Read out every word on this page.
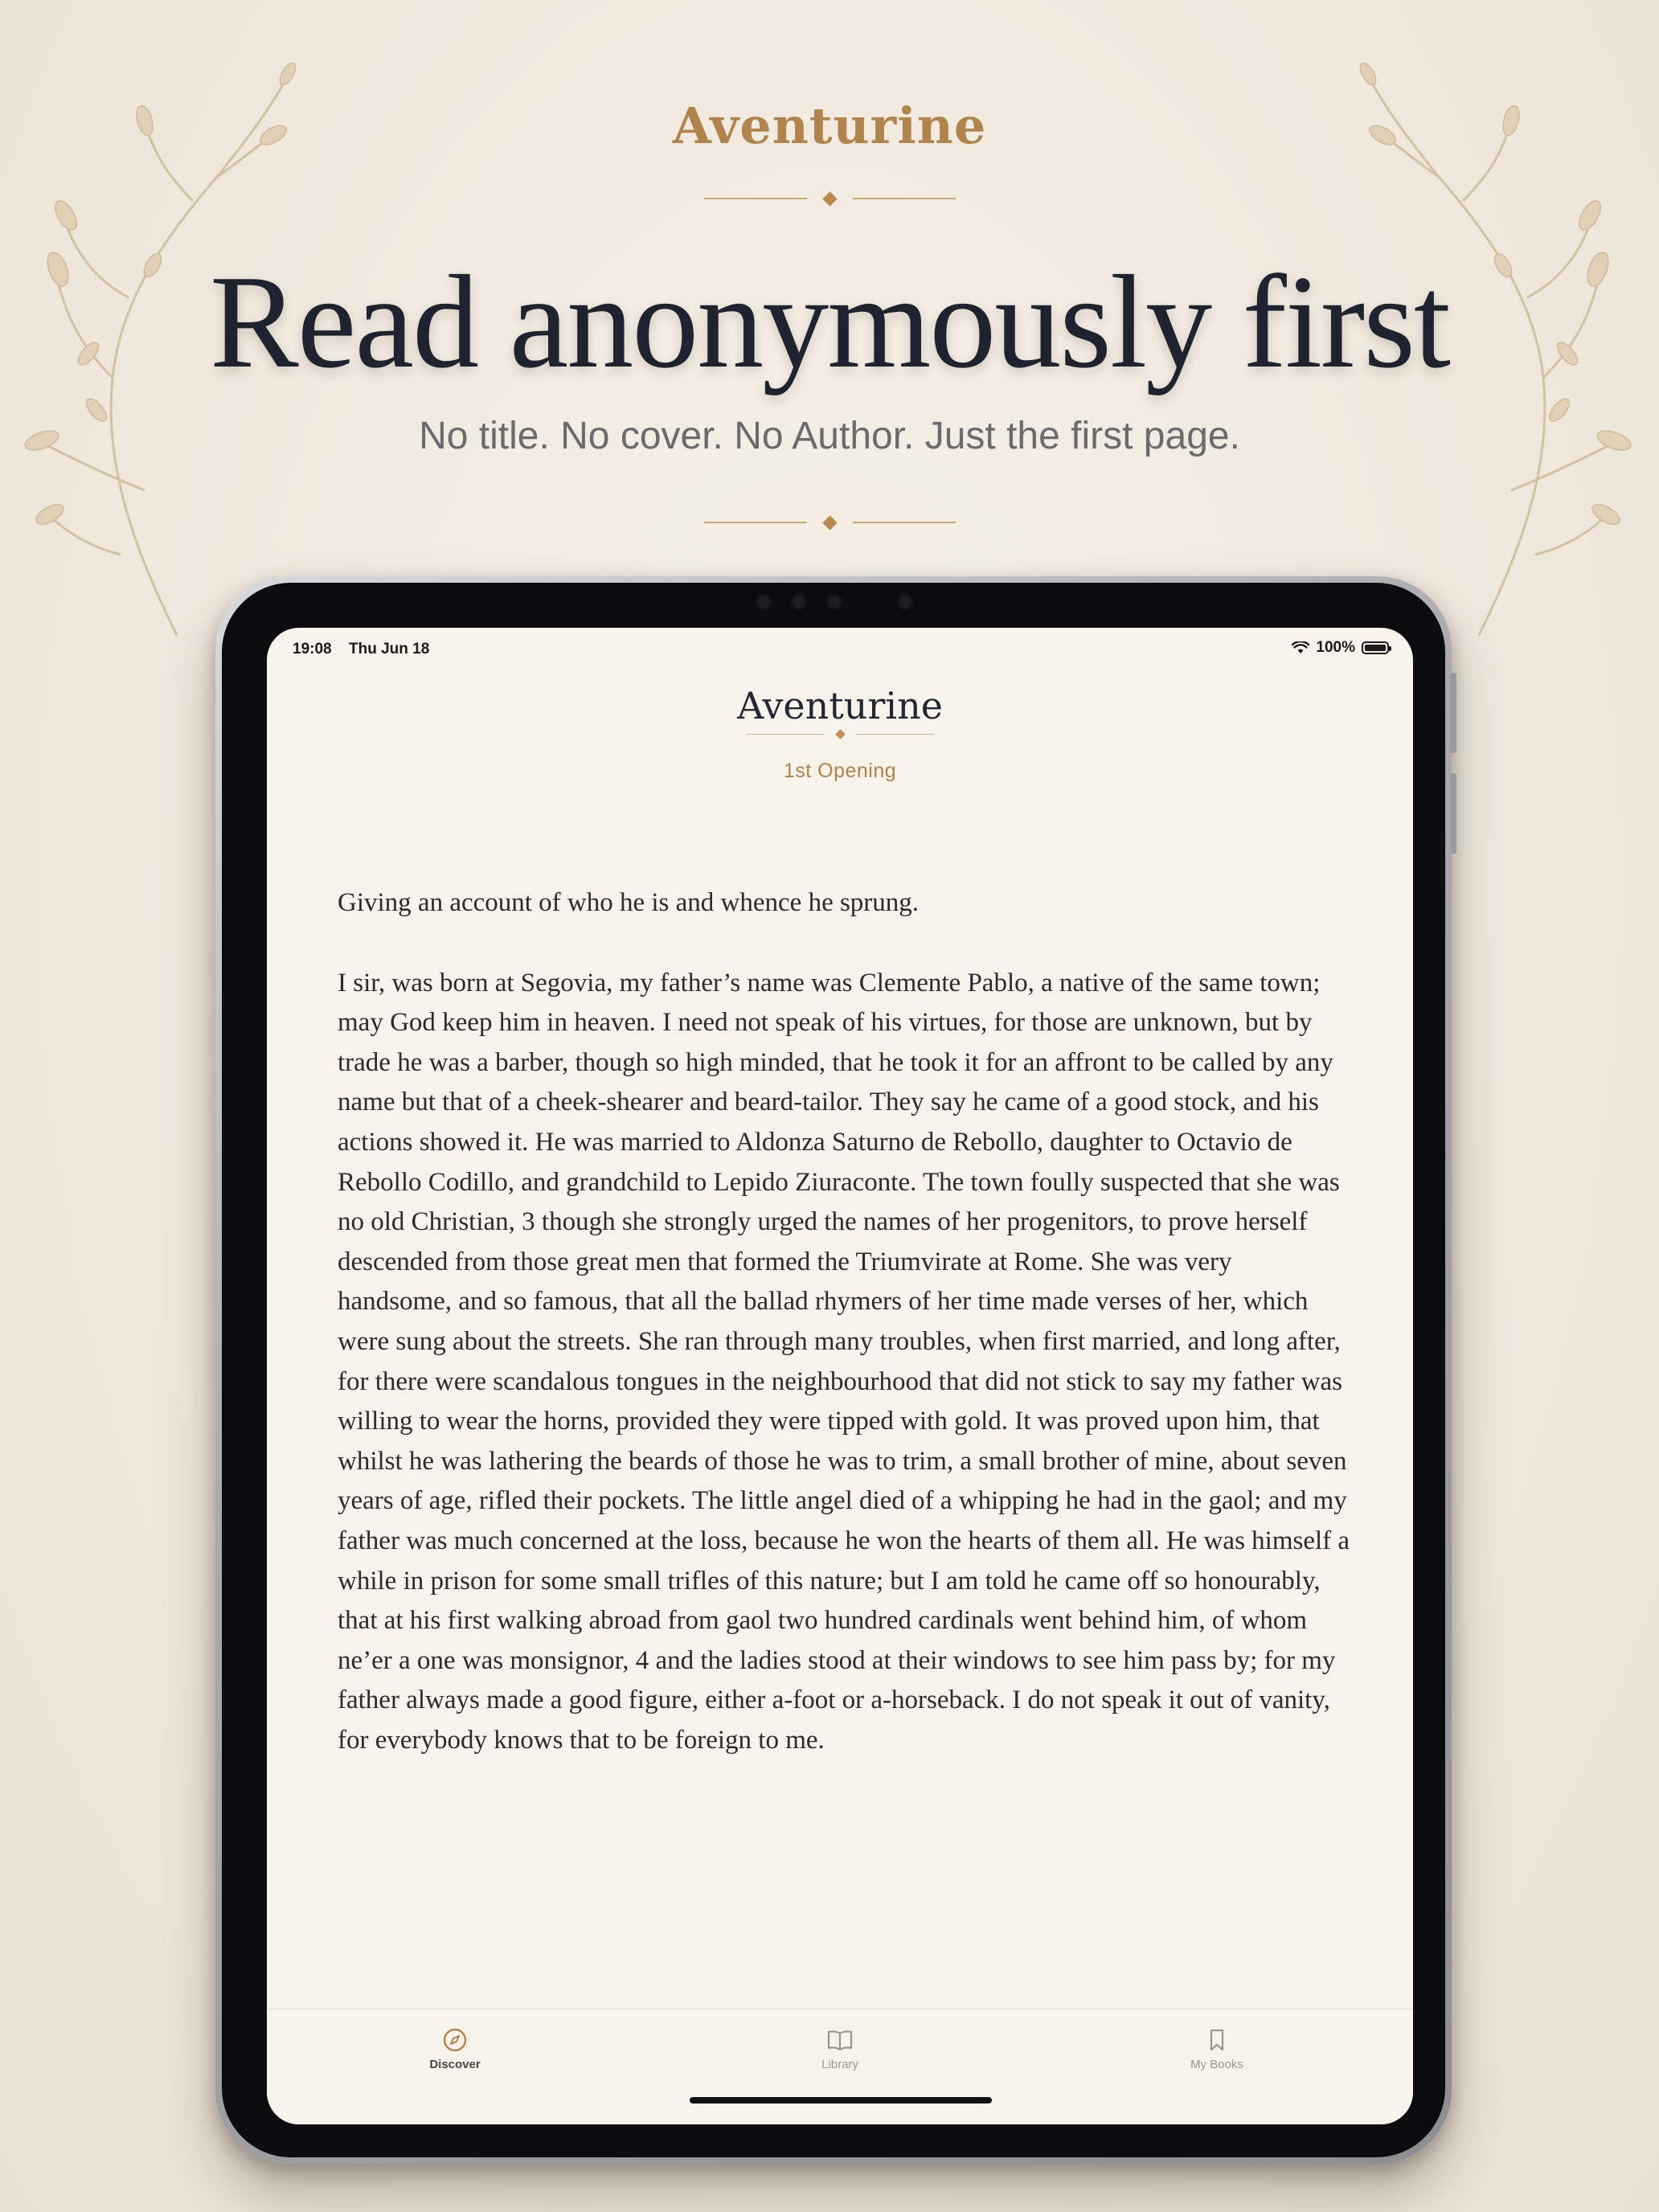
Aventurine
Read anonymously first
No title. No cover. No Author. Just the first page.
19:08 Thu Jun 18	100%
Aventurine
1st Opening

Giving an account of who he is and whence he sprung.

I sir, was born at Segovia, my father’s name was Clemente Pablo, a native of the same town; may God keep him in heaven. I need not speak of his virtues, for those are unknown, but by trade he was a barber, though so high minded, that he took it for an affront to be called by any name but that of a cheek-shearer and beard-tailor. They say he came of a good stock, and his actions showed it. He was married to Aldonza Saturno de Rebollo, daughter to Octavio de Rebollo Codillo, and grandchild to Lepido Ziuraconte. The town foully suspected that she was no old Christian, 3 though she strongly urged the names of her progenitors, to prove herself descended from those great men that formed the Triumvirate at Rome. She was very handsome, and so famous, that all the ballad rhymers of her time made verses of her, which were sung about the streets. She ran through many troubles, when first married, and long after, for there were scandalous tongues in the neighbourhood that did not stick to say my father was willing to wear the horns, provided they were tipped with gold. It was proved upon him, that whilst he was lathering the beards of those he was to trim, a small brother of mine, about seven years of age, rifled their pockets. The little angel died of a whipping he had in the gaol; and my father was much concerned at the loss, because he won the hearts of them all. He was himself a while in prison for some small trifles of this nature; but I am told he came off so honourably, that at his first walking abroad from gaol two hundred cardinals went behind him, of whom ne’er a one was monsignor, 4 and the ladies stood at their windows to see him pass by; for my father always made a good figure, either a-foot or a-horseback. I do not speak it out of vanity, for everybody knows that to be foreign to me.

Discover	Library	My Books
